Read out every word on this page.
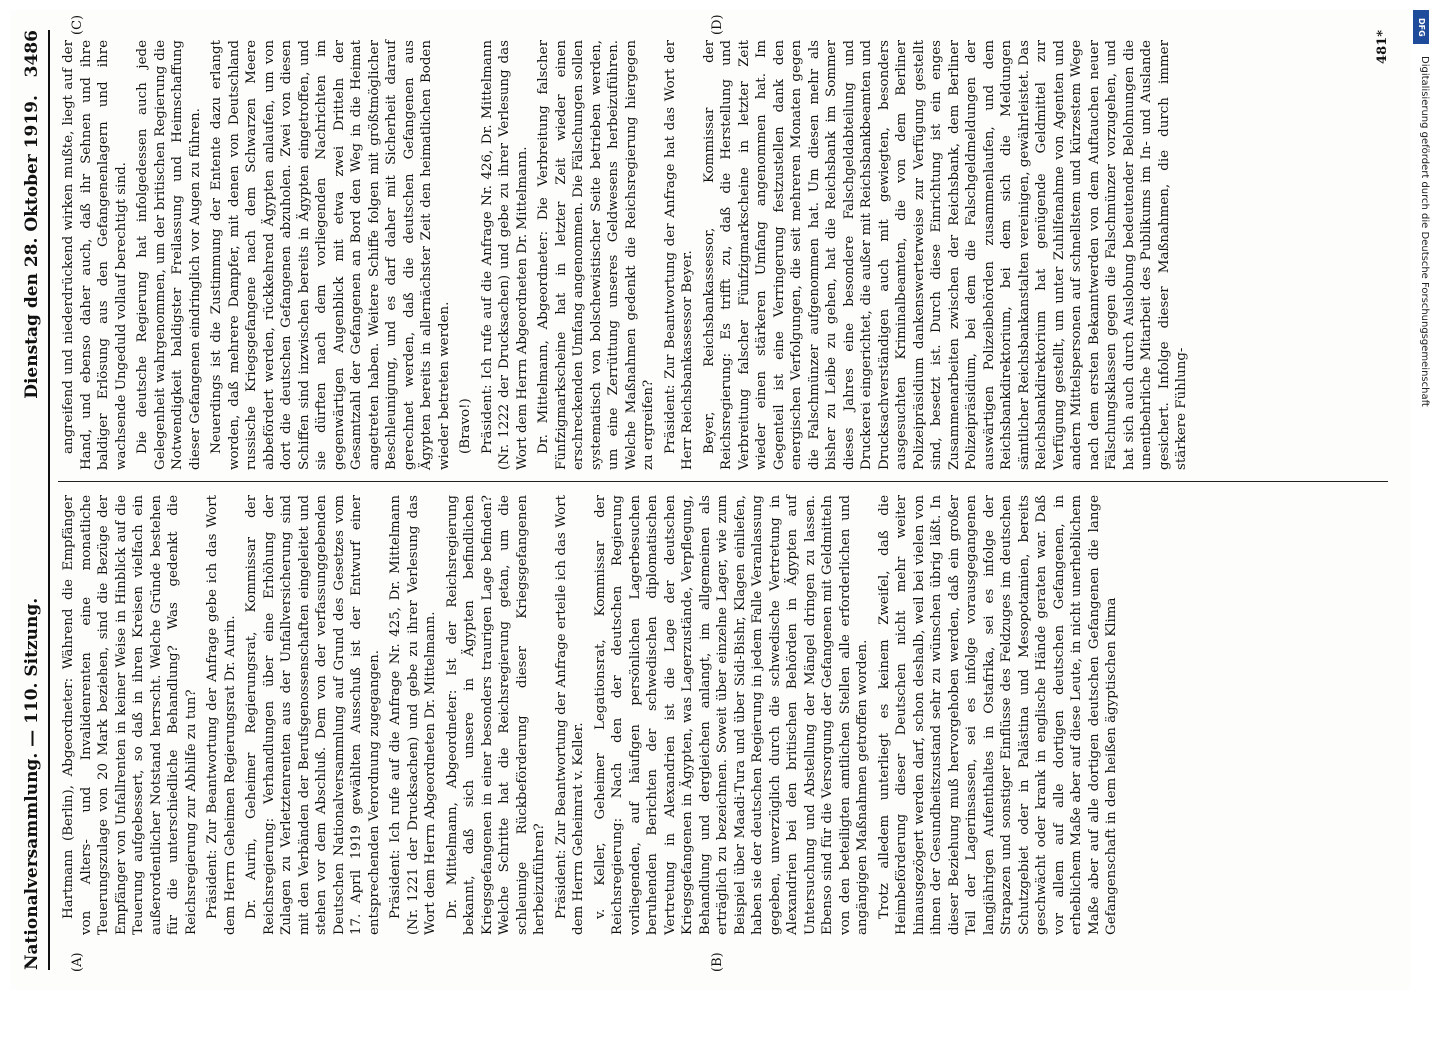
Nationalversammlung. — 110. Sitzung.
Dienstag den 28. Oktober 1919.   3486
(A)	(B)
(C)	(D)

Hartmann (Berlin), Abgeordneter: Während die Empfänger von Alters- und Invalidenrenten eine monatliche Teuerungszulage von 20 Mark beziehen, sind die Bezüge der Empfänger von Unfallrenten in keiner Weise in Hinblick auf die Teuerung aufgebessert, so daß in ihren Kreisen vielfach ein außerordentlicher Notstand herrscht. Welche Gründe bestehen für die unterschiedliche Behandlung? Was gedenkt die Reichsregierung zur Abhilfe zu tun? Präsident: Zur Beantwortung der Anfrage gebe ich das Wort dem Herrn Geheimen Regierungsrat Dr. Aurin. Dr. Aurin, Geheimer Regierungsrat, Kommissar der Reichsregierung: Verhandlungen über eine Erhöhung der Zulagen zu Verletztenrenten aus der Unfallversicherung sind mit den Verbänden der Berufsgenossenschaften eingeleitet und stehen vor dem Abschluß. Dem von der verfassunggebenden Deutschen Nationalversammlung auf Grund des Gesetzes vom 17. April 1919 gewählten Ausschuß ist der Entwurf einer entsprechenden Verordnung zugegangen. Präsident: Ich rufe auf die Anfrage Nr. 425, Dr. Mittelmann (Nr. 1221 der Drucksachen) und gebe zu ihrer Verlesung das Wort dem Herrn Abgeordneten Dr. Mittelmann. Dr. Mittelmann, Abgeordneter: Ist der Reichsregierung bekannt, daß sich unsere in Ägypten befindlichen Kriegsgefangenen in einer besonders traurigen Lage befinden? Welche Schritte hat die Reichsregierung getan, um die schleunige Rückbeförderung dieser Kriegsgefangenen herbeizuführen? Präsident: Zur Beantwortung der Anfrage erteile ich das Wort dem Herrn Geheimrat v. Keller. v. Keller, Geheimer Legationsrat, Kommissar der Reichsregierung: Nach den der deutschen Regierung vorliegenden, auf häufigen persönlichen Lagerbesuchen beruhenden Berichten der schwedischen diplomatischen Vertretung in Alexandrien ist die Lage der deutschen Kriegsgefangenen in Ägypten, was Lagerzustände, Verpflegung, Behandlung und dergleichen anlangt, im allgemeinen als erträglich zu bezeichnen. Soweit über einzelne Lager, wie zum Beispiel über Maadi-Tura und über Sidi-Bishr, Klagen einliefen, haben sie der deutschen Regierung in jedem Falle Veranlassung gegeben, unverzüglich durch die schwedische Vertretung in Alexandrien bei den britischen Behörden in Ägypten auf Untersuchung und Abstellung der Mängel dringen zu lassen. Ebenso sind für die Versorgung der Gefangenen mit Geldmitteln von den beteiligten amtlichen Stellen alle erforderlichen und angängigen Maßnahmen getroffen worden. Trotz alledem unterliegt es keinem Zweifel, daß die Heimbeförderung dieser Deutschen nicht mehr weiter hinausgezögert werden darf, schon deshalb, weil bei vielen von ihnen der Gesundheitszustand sehr zu wünschen übrig läßt. In dieser Beziehung muß hervorgehoben werden, daß ein großer Teil der Lagerinsassen, sei es infolge vorausgegangenen langjährigen Aufenthaltes in Ostafrika, sei es infolge der Strapazen und sonstiger Einflüsse des Feldzuges im deutschen Schutzgebiet oder in Palästina und Mesopotamien, bereits geschwächt oder krank in englische Hände geraten war. Daß vor allem auf alle dortigen deutschen Gefangenen, in erheblichem Maße aber auf diese Leute, in nicht unerheblichem Maße aber auf alle dortigen deutschen Gefangenen die lange Gefangenschaft in dem heißen ägyptischen Klima

angreifend und niederdrückend wirken mußte, liegt auf der Hand, und ebenso daher auch, daß ihr Sehnen und ihre baldiger Erlösung aus den Gefangenenlagern und ihre wachsende Ungeduld vollauf berechtigt sind. Die deutsche Regierung hat infolgedessen auch jede Gelegenheit wahrgenommen, um der britischen Regierung die Notwendigkeit baldigster Freilassung und Heimschaffung dieser Gefangenen eindringlich vor Augen zu führen. Neuerdings ist die Zustimmung der Entente dazu erlangt worden, daß mehrere Dampfer, mit denen von Deutschland russische Kriegsgefangene nach dem Schwarzen Meere abbefördert werden, rückkehrend Ägypten anlaufen, um von dort die deutschen Gefangenen abzuholen. Zwei von diesen Schiffen sind inzwischen bereits in Ägypten eingetroffen, und sie dürften nach dem vorliegenden Nachrichten im gegenwärtigen Augenblick mit etwa zwei Dritteln der Gesamtzahl der Gefangenen an Bord den Weg in die Heimat angetreten haben. Weitere Schiffe folgen mit größtmöglicher Beschleunigung, und es darf daher mit Sicherheit darauf gerechnet werden, daß die deutschen Gefangenen aus Ägypten bereits in allernächster Zeit den heimatlichen Boden wieder betreten werden. (Bravo!) Präsident: Ich rufe auf die Anfrage Nr. 426, Dr. Mittelmann (Nr. 1222 der Drucksachen) und gebe zu ihrer Verlesung das Wort dem Herrn Abgeordneten Dr. Mittelmann. Dr. Mittelmann, Abgeordneter: Die Verbreitung falscher Fünfzigmarkscheine hat in letzter Zeit wieder einen erschreckenden Umfang angenommen. Die Fälschungen sollen systematisch von bolschewistischer Seite betrieben werden, um eine Zerrüttung unseres Geldwesens herbeizuführen. Welche Maßnahmen gedenkt die Reichsregierung hiergegen zu ergreifen? Präsident: Zur Beantwortung der Anfrage hat das Wort der Herr Reichsbankassessor Beyer. Beyer, Reichsbankassessor, Kommissar der Reichsregierung: Es trifft zu, daß die Herstellung und Verbreitung falscher Fünfzigmarkscheine in letzter Zeit wieder einen stärkeren Umfang angenommen hat. Im Gegenteil ist eine Verringerung festzustellen dank den energischen Verfolgungen, die seit mehreren Monaten gegen die Falschmünzer aufgenommen hat. Um diesen mehr als bisher zu Leibe zu gehen, hat die Reichsbank im Sommer dieses Jahres eine besondere Falschgeldabteilung und Druckerei eingerichtet, die außer mit Reichsbankbeamten und Drucksachverständigen auch mit gewiegten, besonders ausgesuchten Kriminalbeamten, die von dem Berliner Polizeipräsidium dankenswerterweise zur Verfügung gestellt sind, besetzt ist. Durch diese Einrichtung ist ein enges Zusammenarbeiten zwischen der Reichsbank, dem Berliner Polizeipräsidium, bei dem die Falschgeldmeldungen der auswärtigen Polizeibehörden zusammenlaufen, und dem Reichsbankdirektorium, bei dem sich die Meldungen sämtlicher Reichsbankanstalten vereinigen, gewährleistet. Das Reichsbankdirektorium hat genügende Geldmittel zur Verfügung gestellt, um unter Zuhilfenahme von Agenten und andern Mittelspersonen auf schnellstem und kürzestem Wege nach dem ersten Bekanntwerden von dem Auftauchen neuer Fälschungsklassen gegen die Falschmünzer vorzugehen, und hat sich auch durch Auslobung bedeutender Belohnungen die unentbehrliche Mitarbeit des Publikums im In- und Auslande gesichert. Infolge dieser Maßnahmen, die durch immer stärkere Fühlung-

481*
DFG
Digitalisierung gefördert durch die Deutsche Forschungsgemeinschaft
